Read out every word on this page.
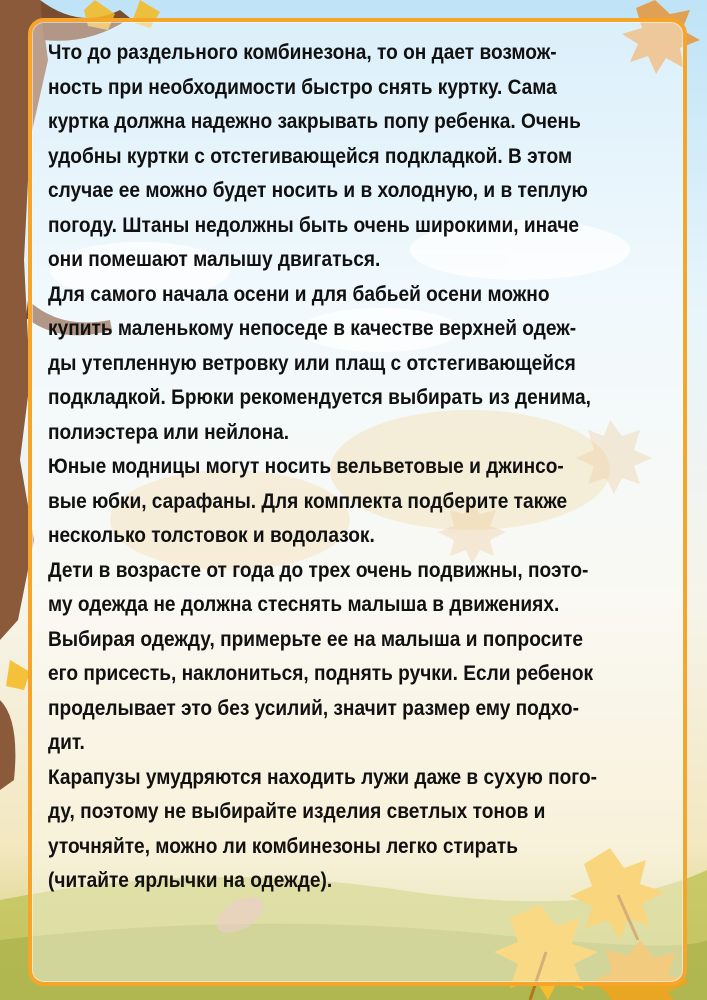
Что до раздельного комбинезона, то он дает возмож-
ность при необходимости быстро снять куртку. Сама
куртка должна надежно закрывать попу ребенка. Очень
удобны куртки с отстегивающейся подкладкой. В этом
случае ее можно будет носить и в холодную, и в теплую
погоду. Штаны недолжны быть очень широкими, иначе
они помешают малышу двигаться.

Для самого начала осени и для бабьей осени можно
купить маленькому непоседе в качестве верхней одеж-
ды утепленную ветровку или плащ с отстегивающейся
подкладкой. Брюки рекомендуется выбирать из денима,
полиэстера или нейлона.

Юные модницы могут носить вельветовые и джинсо-
вые юбки, сарафаны. Для комплекта подберите также
несколько толстовок и водолазок.

Дети в возрасте от года до трех очень подвижны, поэто-
му одежда не должна стеснять малыша в движениях.
Выбирая одежду, примерьте ее на малыша и попросите
его присесть, наклониться, поднять ручки. Если ребенок
проделывает это без усилий, значит размер ему подхо-
дит.

Карапузы умудряются находить лужи даже в сухую пого-
ду, поэтому не выбирайте изделия светлых тонов и
уточняйте, можно ли комбинезоны легко стирать
(читайте ярлычки на одежде).
